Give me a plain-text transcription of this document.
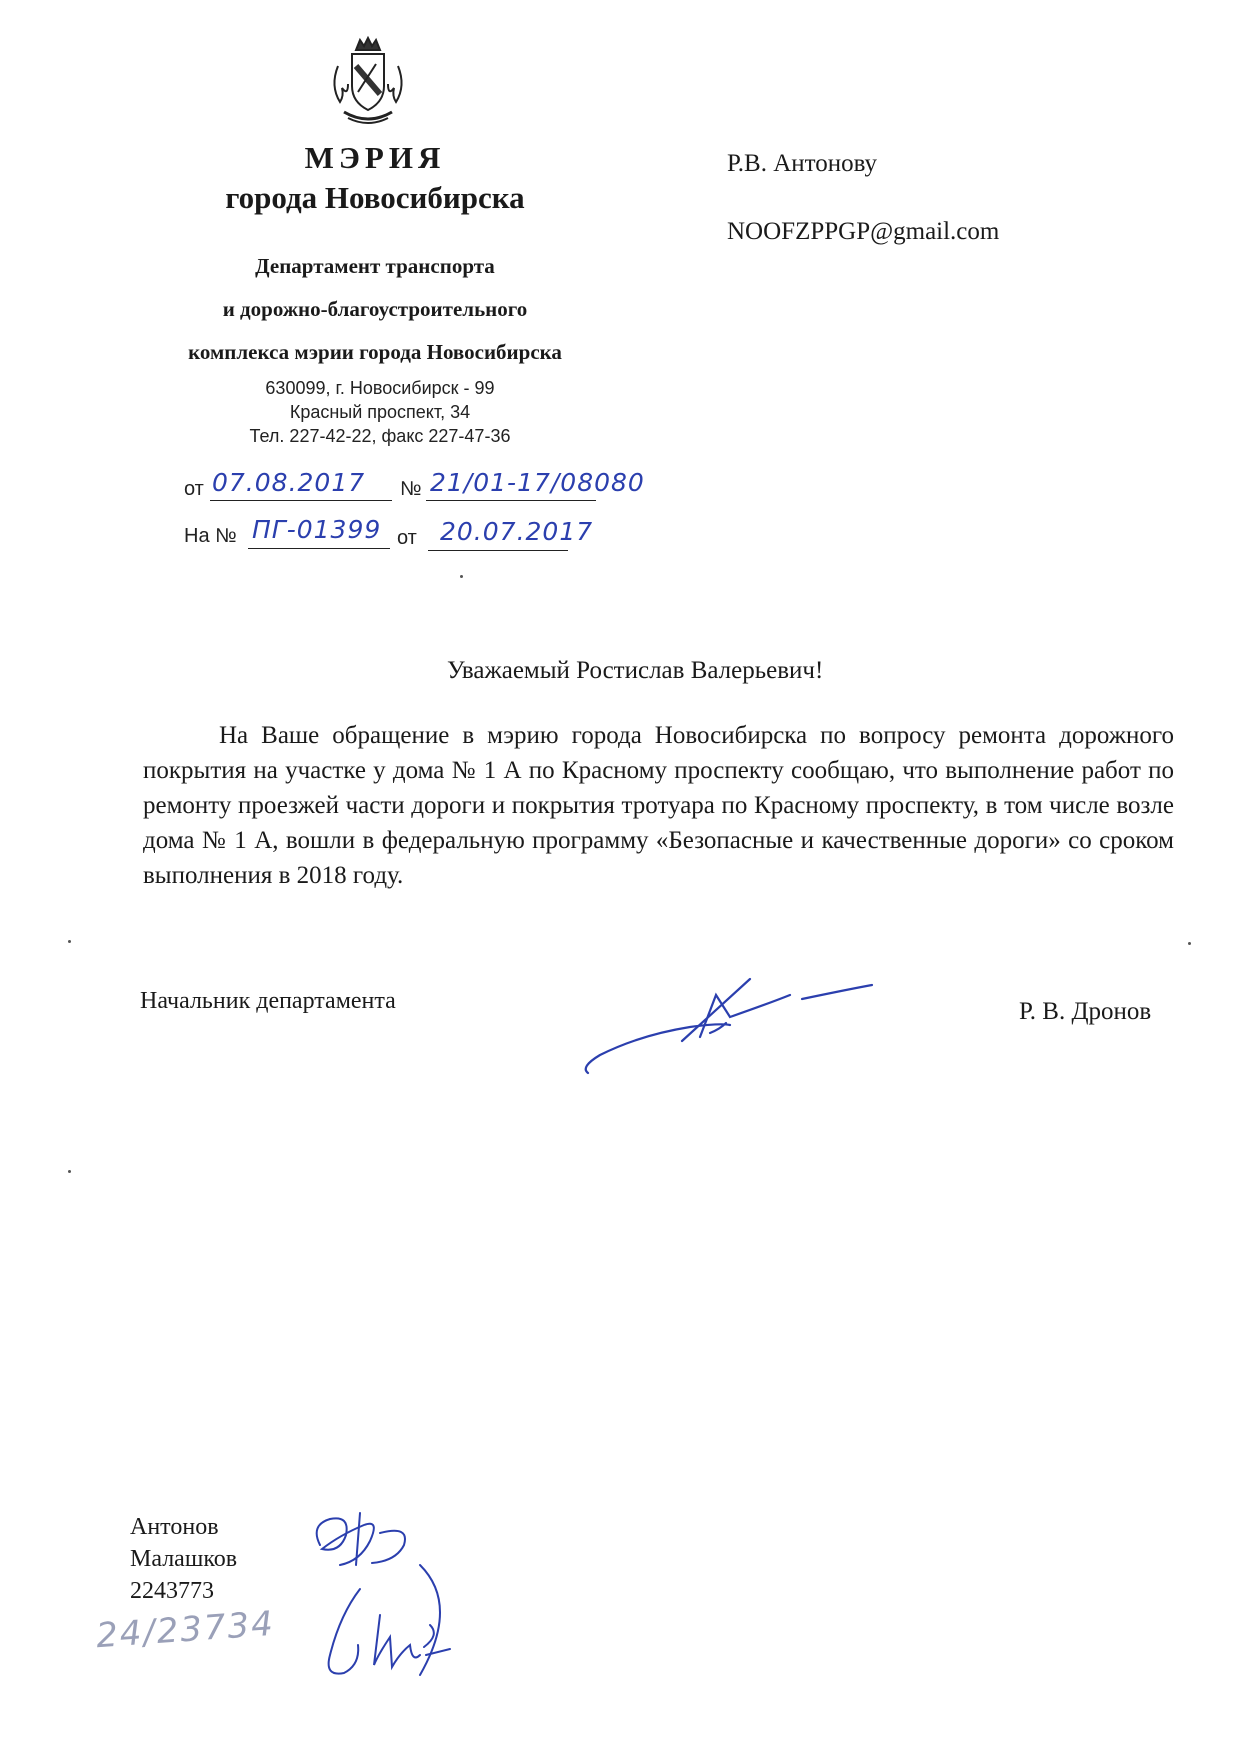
МЭРИЯ
города Новосибирска
Департамент транспорта
и дорожно-благоустроительного
комплекса мэрии города Новосибирска
630099, г. Новосибирск - 99
Красный проспект, 34
Тел. 227-42-22, факс 227-47-36
от 07.08.2017 № 21/01-17/08080
На № ПГ-01399 от 20.07.2017
Р.В. Антонову
NOOFZPPGP@gmail.com
Уважаемый Ростислав Валерьевич!

На Ваше обращение в мэрию города Новосибирска по вопросу ремонта дорожного покрытия на участке у дома № 1 А по Красному проспекту сообщаю, что выполнение работ по ремонту проезжей части дороги и покрытия тротуара по Красному проспекту, в том числе возле дома № 1 А, вошли в федеральную программу «Безопасные и качественные дороги» со сроком выполнения в 2018 году.

Начальник департамента	Р. В. Дронов
Антонов
Малашков
2243773
24/23734
